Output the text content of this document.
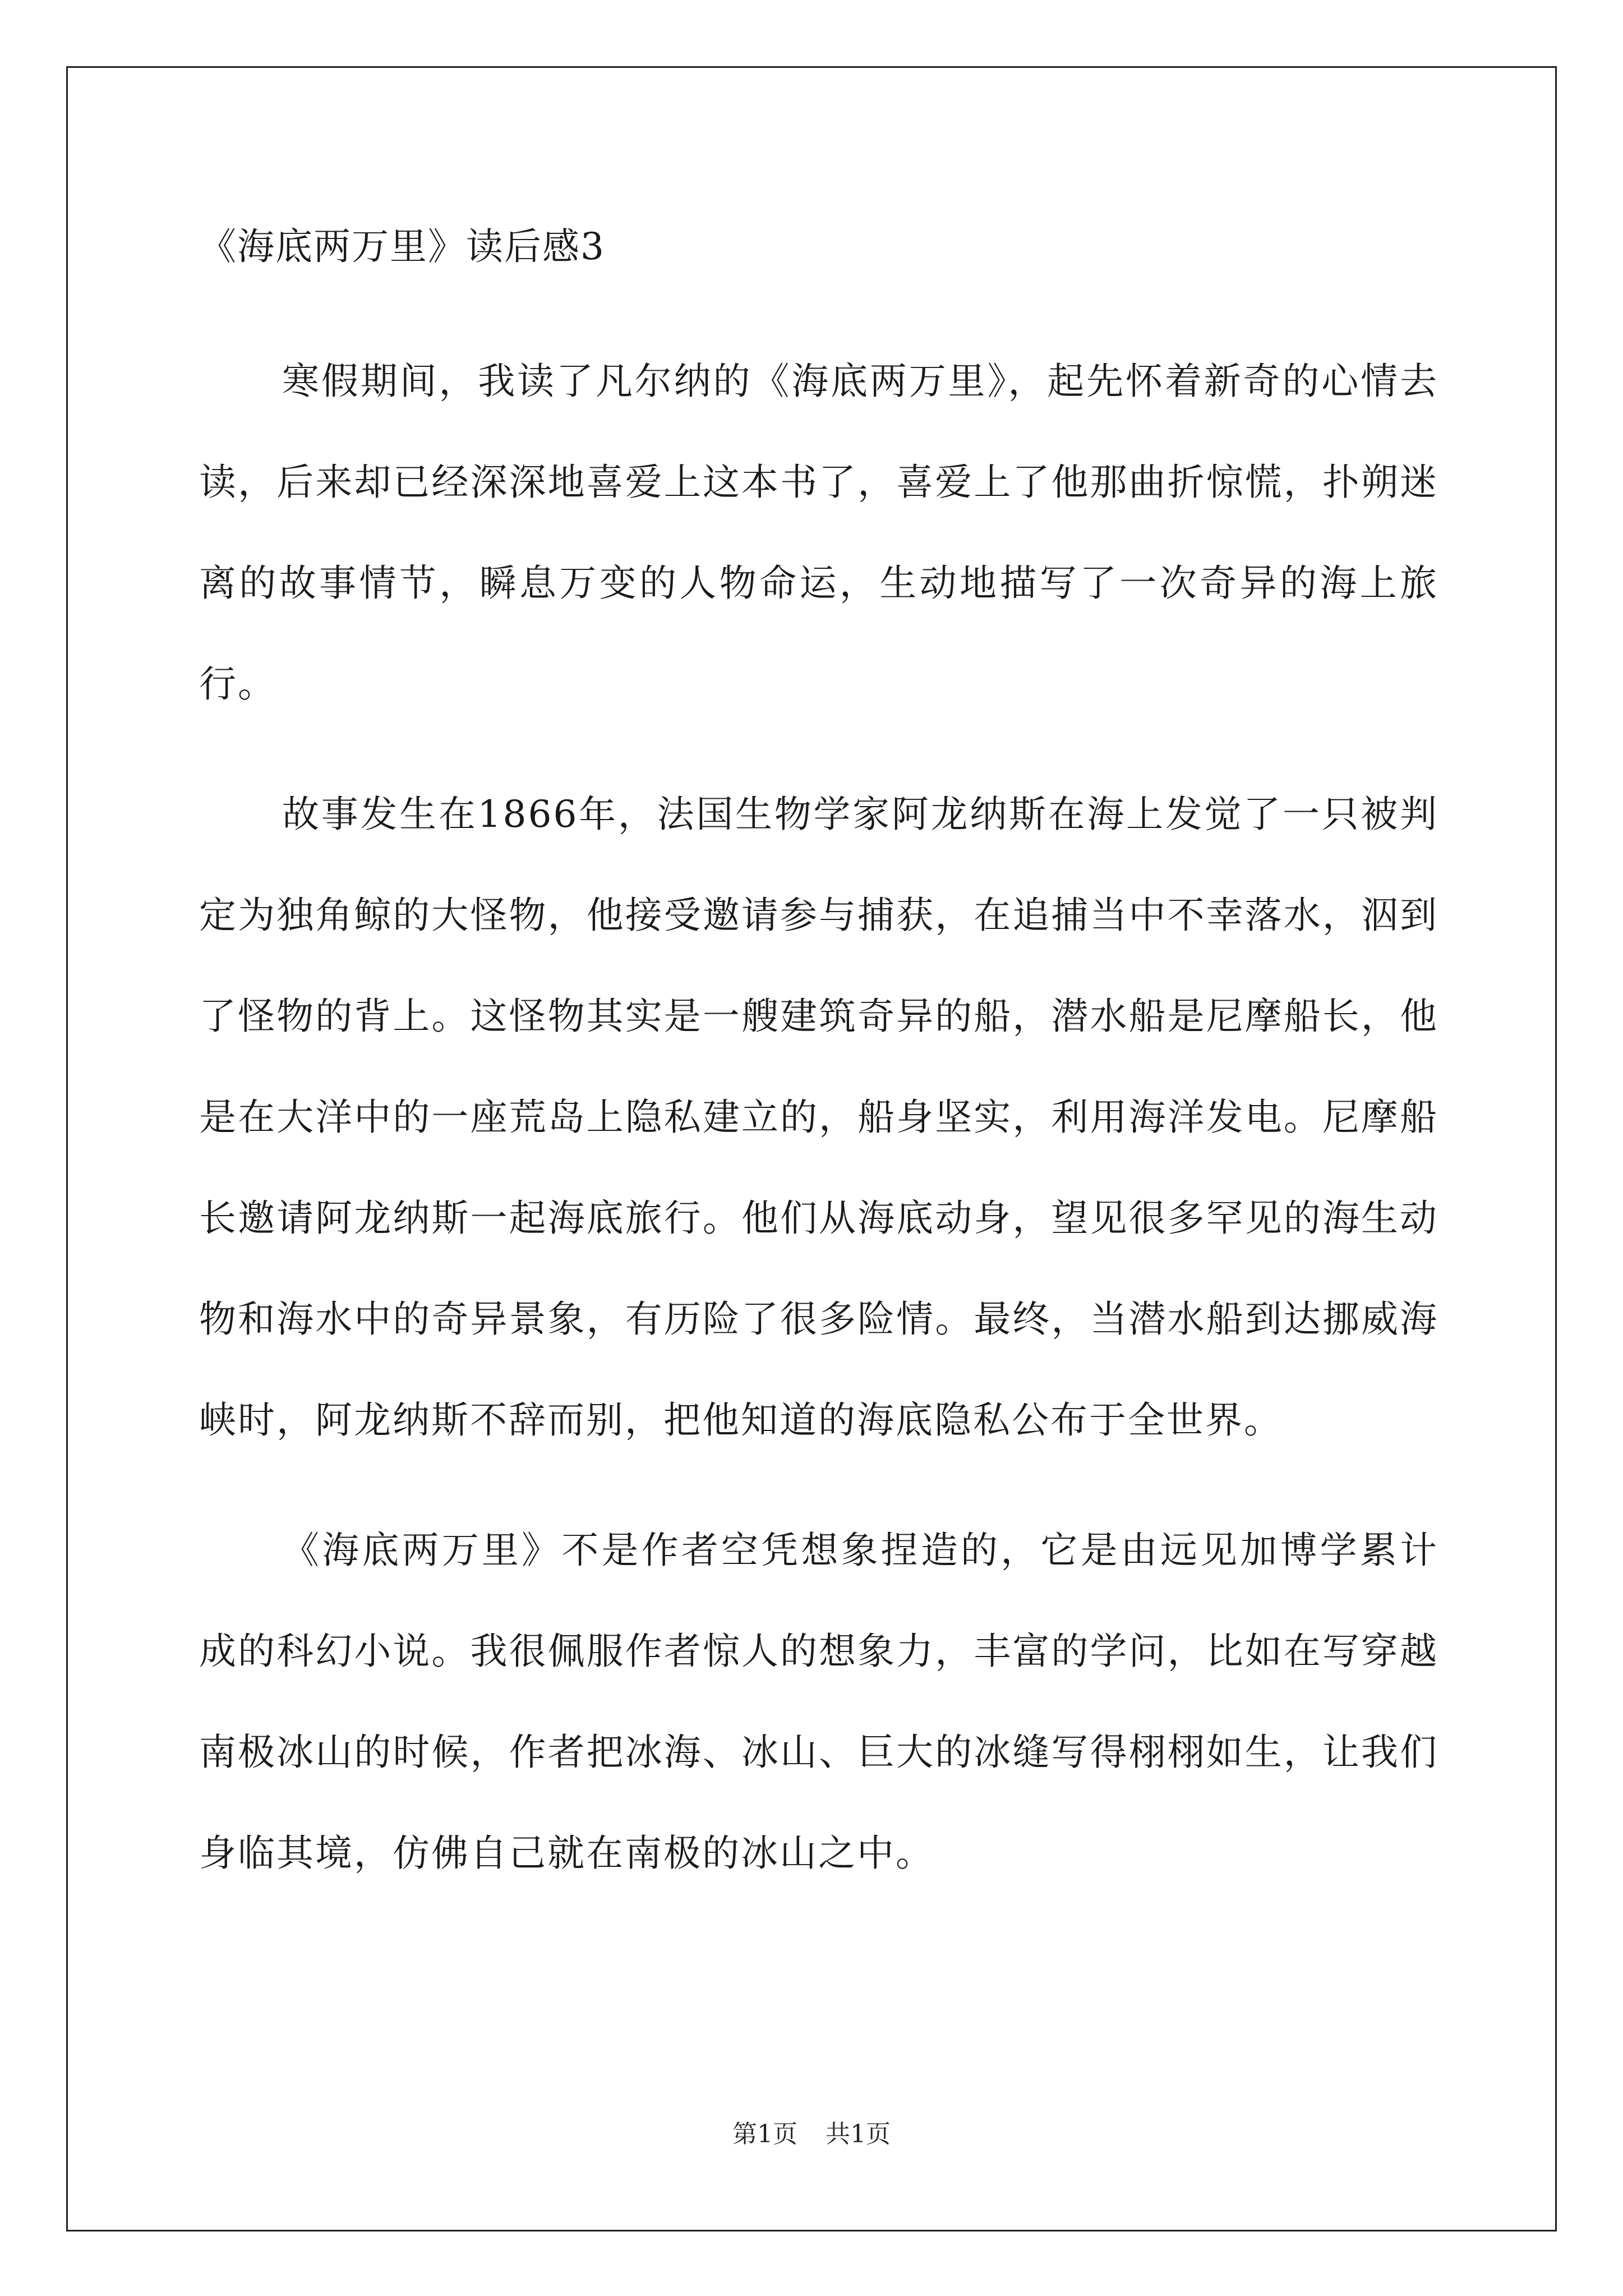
《海底两万里》读后感3

寒假期间，我读了凡尔纳的《海底两万里》，起先怀着新奇的心情去读，后来却已经深深地喜爱上这本书了，喜爱上了他那曲折惊慌，扑朔迷离的故事情节，瞬息万变的人物命运，生动地描写了一次奇异的海上旅行。

故事发生在1866年，法国生物学家阿龙纳斯在海上发觉了一只被判定为独角鲸的大怪物，他接受邀请参与捕获，在追捕当中不幸落水，泅到了怪物的背上。这怪物其实是一艘建筑奇异的船，潜水船是尼摩船长，他是在大洋中的一座荒岛上隐私建立的，船身坚实，利用海洋发电。尼摩船长邀请阿龙纳斯一起海底旅行。他们从海底动身，望见很多罕见的海生动物和海水中的奇异景象，有历险了很多险情。最终，当潜水船到达挪威海峡时，阿龙纳斯不辞而别，把他知道的海底隐私公布于全世界。

《海底两万里》不是作者空凭想象捏造的，它是由远见加博学累计成的科幻小说。我很佩服作者惊人的想象力，丰富的学问，比如在写穿越南极冰山的时候，作者把冰海、冰山、巨大的冰缝写得栩栩如生，让我们身临其境，仿佛自己就在南极的冰山之中。

第1页 共1页
